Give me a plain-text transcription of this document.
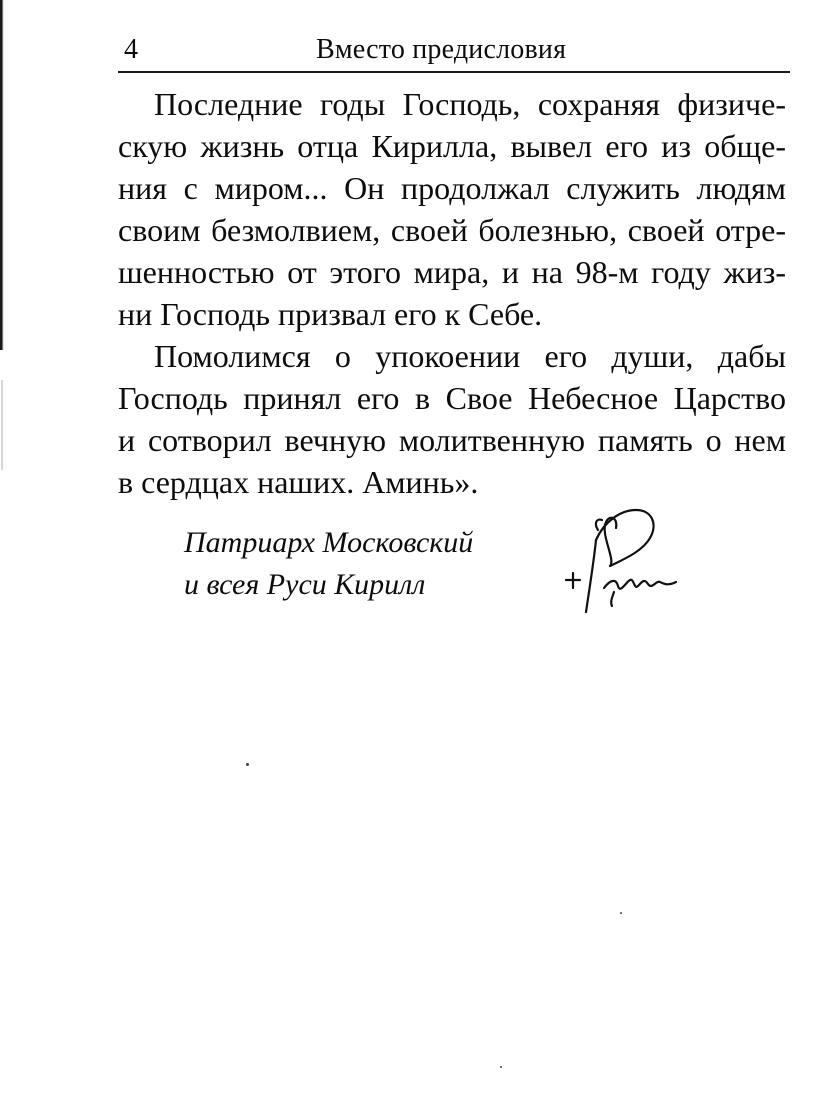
4	Вместо предисловия
Последние годы Господь, сохраняя физиче-
скую жизнь отца Кирилла, вывел его из обще-
ния с миром... Он продолжал служить людям
своим безмолвием, своей болезнью, своей отре-
шенностью от этого мира, и на 98-м году жиз-
ни Господь призвал его к Себе.
Помолимся о упокоении его души, дабы
Господь принял его в Свое Небесное Царство
и сотворил вечную молитвенную память о нем
в сердцах наших. Аминь».
Патриарх Московский
и всея Руси Кирилл
